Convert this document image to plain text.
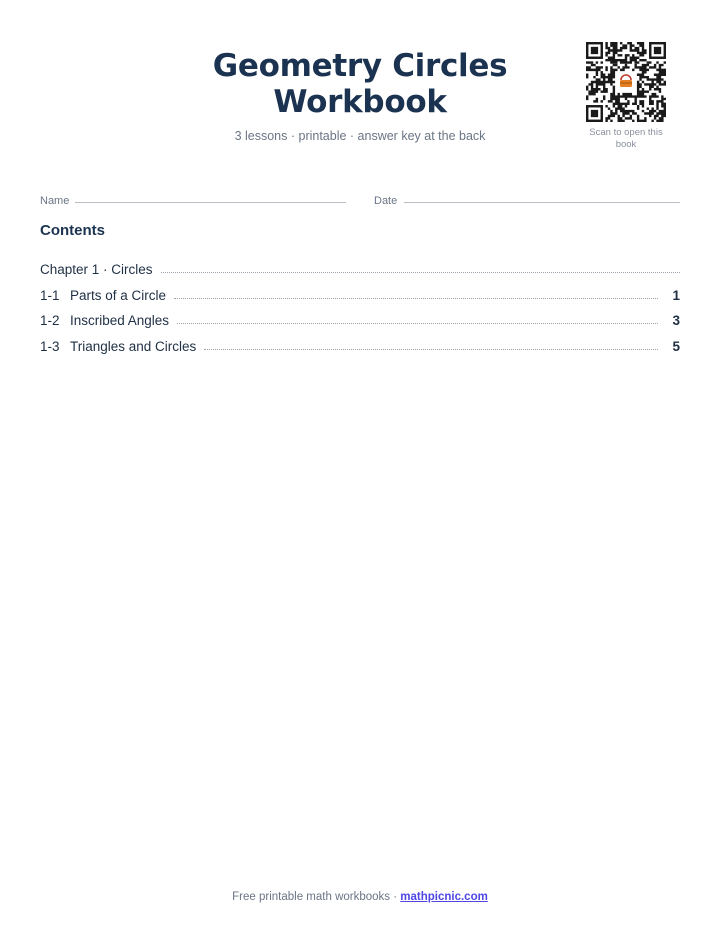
Geometry Circles
Workbook
3 lessons · printable · answer key at the back	Scan to open this book
Name	Date
Contents
Chapter 1 · Circles
1-1 Parts of a Circle	1
1-2 Inscribed Angles	3
1-3 Triangles and Circles	5
Free printable math workbooks · mathpicnic.com
